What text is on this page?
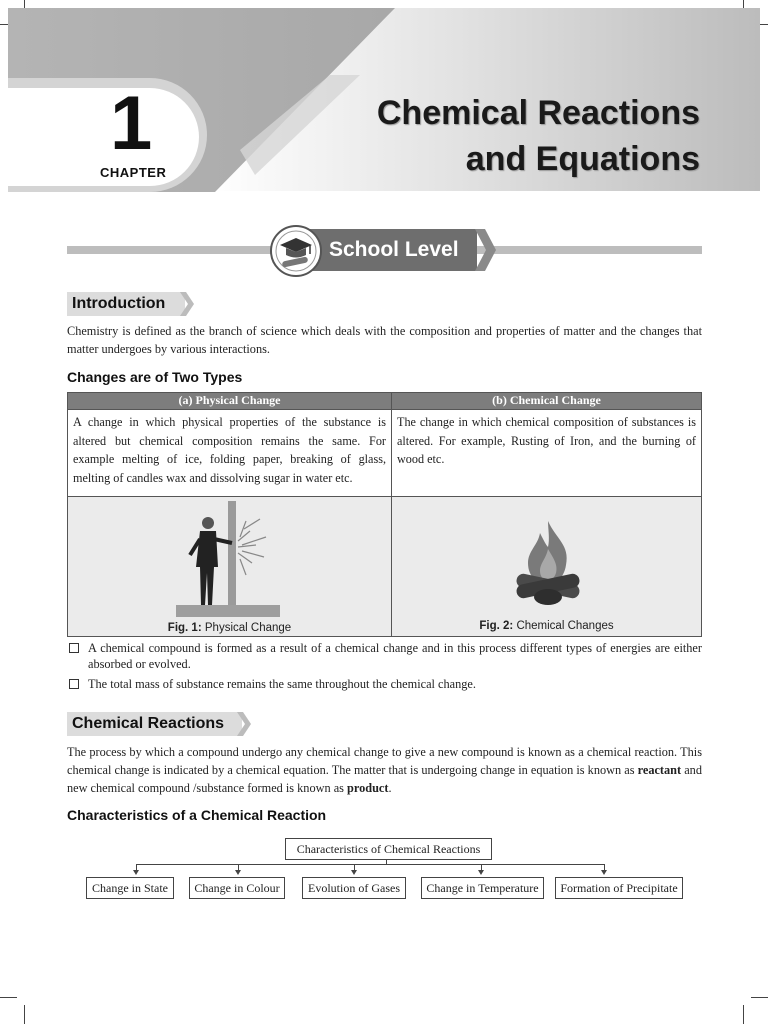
1
CHAPTER
Chemical Reactions
and Equations
School Level
Introduction
Chemistry is defined as the branch of science which deals with the composition and properties of matter and the changes that matter undergoes by various interactions.
Changes are of Two Types
(a) Physical Change	(b) Chemical Change

A change in which physical properties of the substance is altered but chemical composition remains the same. For example melting of ice, folding paper, breaking of glass, melting of candles wax and dissolving sugar in water etc.	The change in which chemical composition of substances is altered. For example, Rusting of Iron, and the burning of wood etc.

Fig. 1: Physical Change	Fig. 2: Chemical Changes
A chemical compound is formed as a result of a chemical change and in this process different types of energies are either absorbed or evolved.
The total mass of substance remains the same throughout the chemical change.
Chemical Reactions
The process by which a compound undergo any chemical change to give a new compound is known as a chemical reaction. This chemical change is indicated by a chemical equation. The matter that is undergoing change in equation is known as reactant and new chemical compound /substance formed is known as product.
Characteristics of a Chemical Reaction
Characteristics of Chemical Reactions
Change in State	Change in Colour	Evolution of Gases	Change in Temperature	Formation of Precipitate
